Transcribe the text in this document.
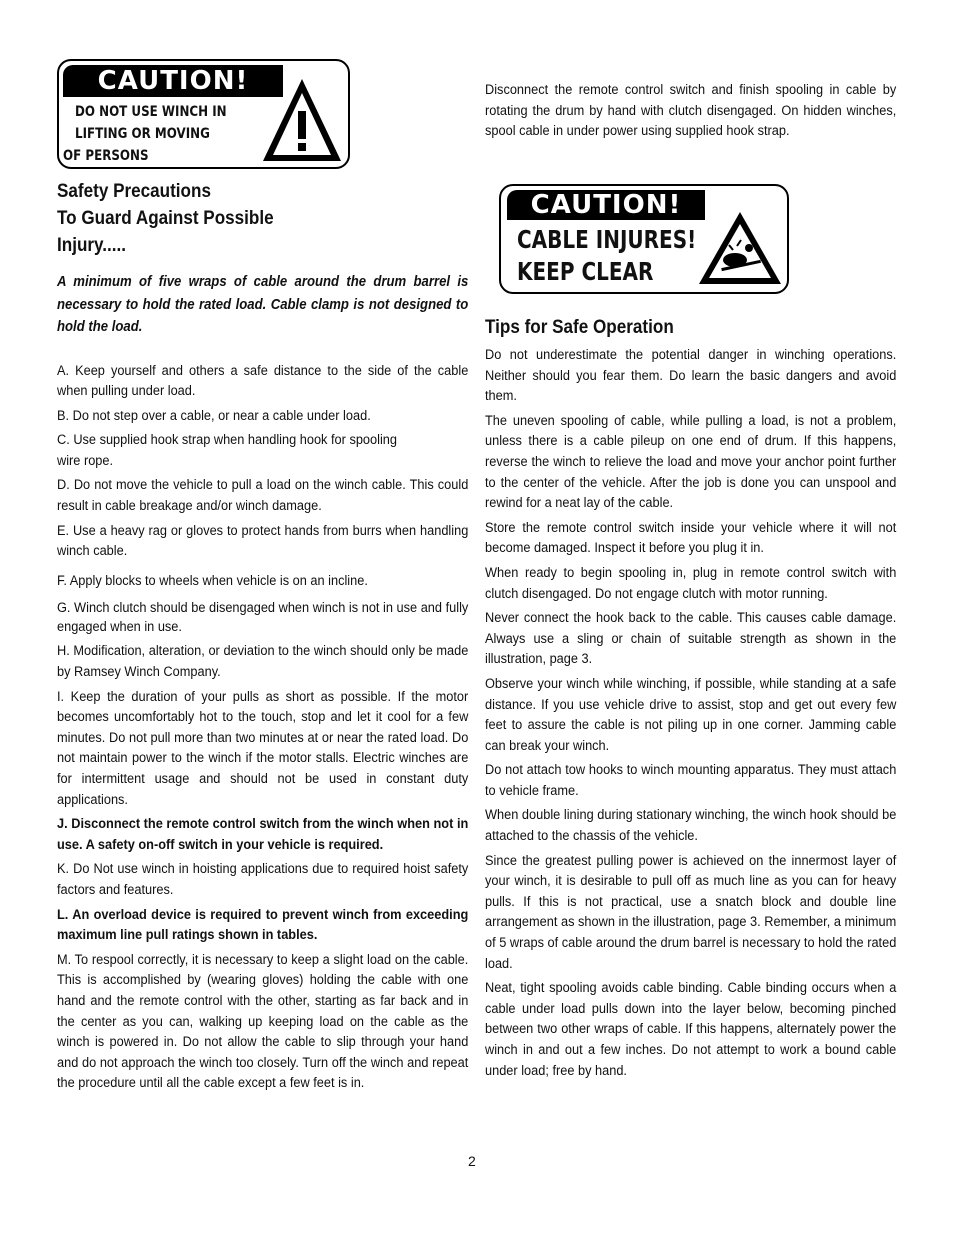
CAUTION!
DO NOT USE WINCH IN
LIFTING OR MOVING
OF PERSONS
CAUTION!
CABLE INJURES!
KEEP CLEAR

Safety Precautions

To Guard Against Possible

Injury.....

A minimum of five wraps of cable around the drum barrel is necessary to hold the rated load. Cable clamp is not designed to hold the load.

A. Keep yourself and others a safe distance to the side of the cable when pulling under load.

B. Do not step over a cable, or near a cable under load.

C. Use supplied hook strap when handling hook for spooling wire rope.

D. Do not move the vehicle to pull a load on the winch cable. This could result in cable breakage and/or winch damage.

E. Use a heavy rag or gloves to protect hands from burrs when handling winch cable.

F. Apply blocks to wheels when vehicle is on an incline.

G. Winch clutch should be disengaged when winch is not in use and fully engaged when in use.

H. Modification, alteration, or deviation to the winch should only be made by Ramsey Winch Company.

I. Keep the duration of your pulls as short as possible. If the motor becomes uncomfortably hot to the touch, stop and let it cool for a few minutes. Do not pull more than two minutes at or near the rated load. Do not maintain power to the winch if the motor stalls. Electric winches are for intermittent usage and should not be used in constant duty applications.

J. Disconnect the remote control switch from the winch when not in use. A safety on-off switch in your vehicle is required.

K. Do Not use winch in hoisting applications due to required hoist safety factors and features.

L. An overload device is required to prevent winch from exceeding maximum line pull ratings shown in tables.

M. To respool correctly, it is necessary to keep a slight load on the cable. This is accomplished by (wearing gloves) holding the cable with one hand and the remote control with the other, starting as far back and in the center as you can, walking up keeping load on the cable as the winch is powered in. Do not allow the cable to slip through your hand and do not approach the winch too closely. Turn off the winch and repeat the procedure until all the cable except a few feet is in.

Disconnect the remote control switch and finish spooling in cable by rotating the drum by hand with clutch disengaged. On hidden winches, spool cable in under power using supplied hook strap.

Tips for Safe Operation

Do not underestimate the potential danger in winching operations. Neither should you fear them. Do learn the basic dangers and avoid them.

The uneven spooling of cable, while pulling a load, is not a problem, unless there is a cable pileup on one end of drum. If this happens, reverse the winch to relieve the load and move your anchor point further to the center of the vehicle. After the job is done you can unspool and rewind for a neat lay of the cable.

Store the remote control switch inside your vehicle where it will not become damaged. Inspect it before you plug it in.

When ready to begin spooling in, plug in remote control switch with clutch disengaged. Do not engage clutch with motor running.

Never connect the hook back to the cable. This causes cable damage. Always use a sling or chain of suitable strength as shown in the illustration, page 3.

Observe your winch while winching, if possible, while standing at a safe distance. If you use vehicle drive to assist, stop and get out every few feet to assure the cable is not piling up in one corner. Jamming cable can break your winch.

Do not attach tow hooks to winch mounting apparatus. They must attach to vehicle frame.

When double lining during stationary winching, the winch hook should be attached to the chassis of the vehicle.

Since the greatest pulling power is achieved on the innermost layer of your winch, it is desirable to pull off as much line as you can for heavy pulls. If this is not practical, use a snatch block and double line arrangement as shown in the illustration, page 3. Remember, a minimum of 5 wraps of cable around the drum barrel is necessary to hold the rated load.

Neat, tight spooling avoids cable binding. Cable binding occurs when a cable under load pulls down into the layer below, becoming pinched between two other wraps of cable. If this happens, alternately power the winch in and out a few inches. Do not attempt to work a bound cable under load; free by hand.

2
